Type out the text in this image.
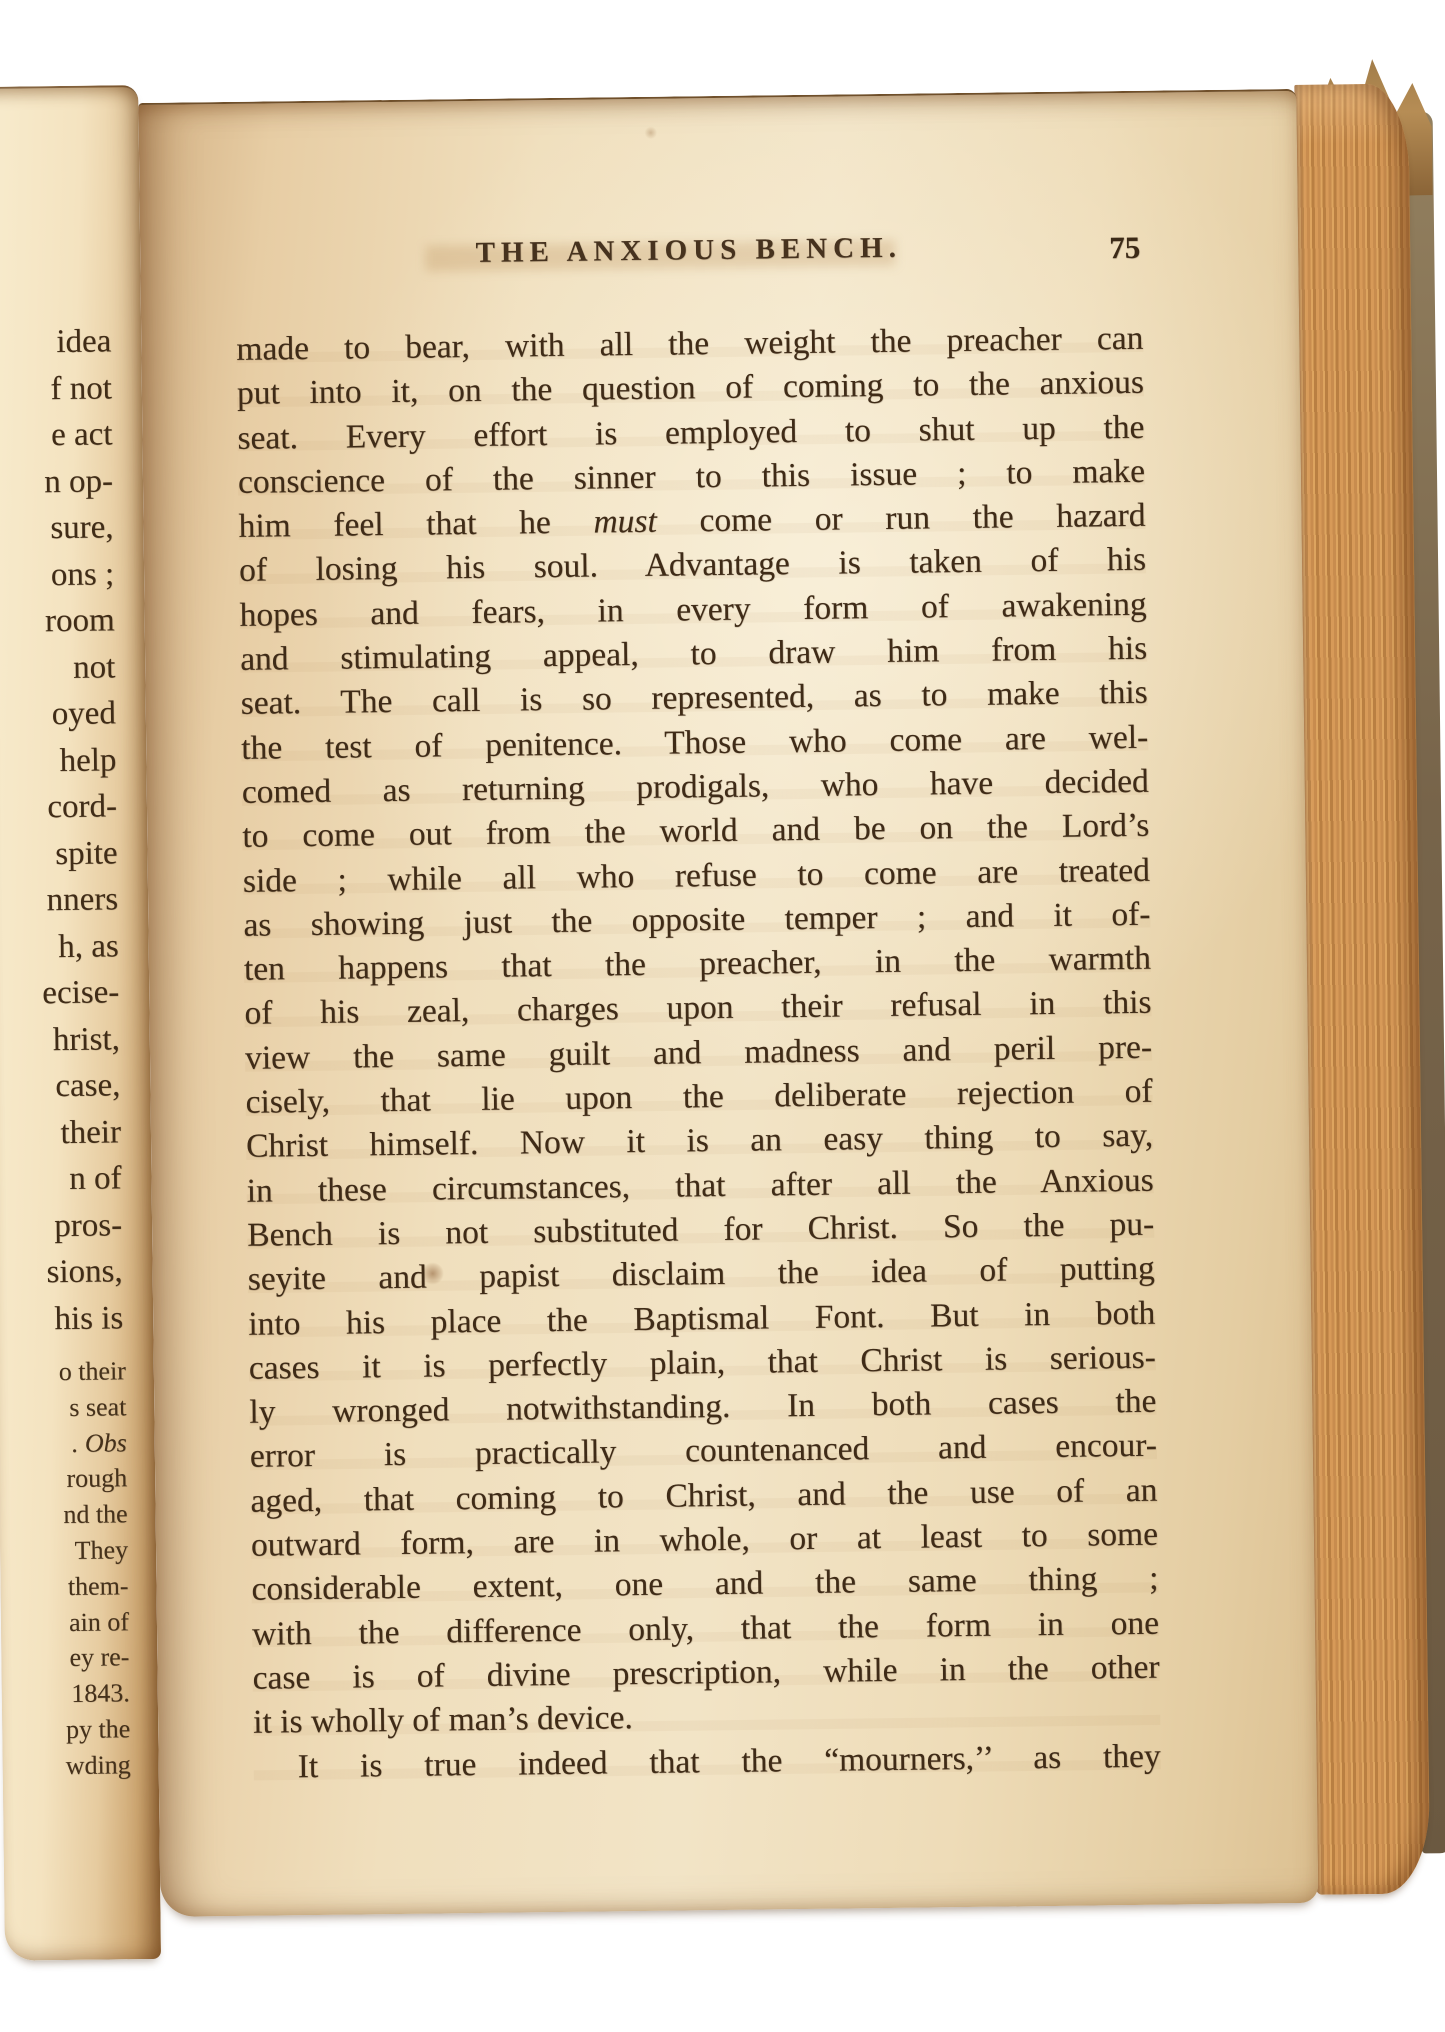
idea
f not
e act
n op-
sure,
ons ;
room
not
oyed
help
cord-
spite
nners
h, as
ecise-
hrist,
case,
their
n of
pros-
sions,
his is
o their
s seat
. Obs
rough
nd the
They
them-
ain of
ey re-
1843.
py the
wding
THE ANXIOUS BENCH.	75
made to bear, with all the weight the preacher can
put into it, on the question of coming to the anxious
seat. Every effort is employed to shut up the
conscience of the sinner to this issue ; to make
him feel that he must come or run the hazard
of losing his soul. Advantage is taken of his
hopes and fears, in every form of awakening
and stimulating appeal, to draw him from his
seat. The call is so represented, as to make this
the test of penitence. Those who come are wel-
comed as returning prodigals, who have decided
to come out from the world and be on the Lord’s
side ; while all who refuse to come are treated
as showing just the opposite temper ; and it of-
ten happens that the preacher, in the warmth
of his zeal, charges upon their refusal in this
view the same guilt and madness and peril pre-
cisely, that lie upon the deliberate rejection of
Christ himself. Now it is an easy thing to say,
in these circumstances, that after all the Anxious
Bench is not substituted for Christ. So the pu-
seyite and papist disclaim the idea of putting
into his place the Baptismal Font. But in both
cases it is perfectly plain, that Christ is serious-
ly wronged notwithstanding. In both cases the
error is practically countenanced and encour-
aged, that coming to Christ, and the use of an
outward form, are in whole, or at least to some
considerable extent, one and the same thing ;
with the difference only, that the form in one
case is of divine prescription, while in the other
it is wholly of man’s device.
It is true indeed that the “mourners,’’ as they
